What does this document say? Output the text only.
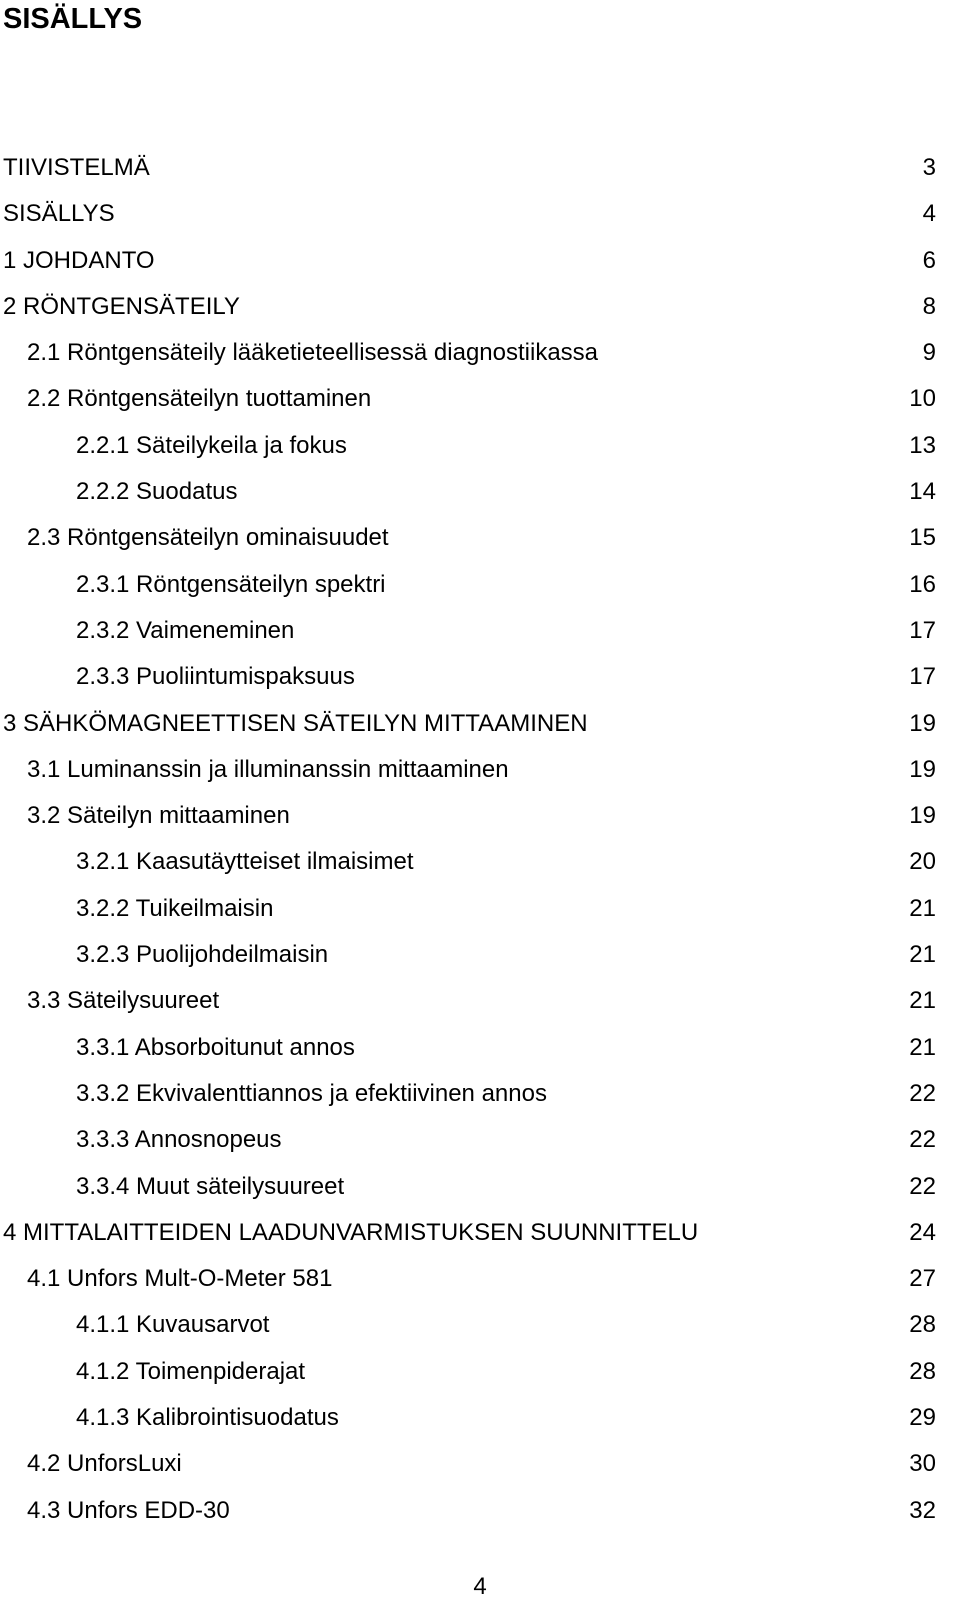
SISÄLLYS
TIIVISTELMÄ	3
SISÄLLYS	4
1 JOHDANTO	6
2 RÖNTGENSÄTEILY	8
2.1 Röntgensäteily lääketieteellisessä diagnostiikassa	9
2.2 Röntgensäteilyn tuottaminen	10
2.2.1 Säteilykeila ja fokus	13
2.2.2 Suodatus	14
2.3 Röntgensäteilyn ominaisuudet	15
2.3.1 Röntgensäteilyn spektri	16
2.3.2 Vaimeneminen	17
2.3.3 Puoliintumispaksuus	17
3 SÄHKÖMAGNEETTISEN SÄTEILYN MITTAAMINEN	19
3.1 Luminanssin ja illuminanssin mittaaminen	19
3.2 Säteilyn mittaaminen	19
3.2.1 Kaasutäytteiset ilmaisimet	20
3.2.2 Tuikeilmaisin	21
3.2.3 Puolijohdeilmaisin	21
3.3 Säteilysuureet	21
3.3.1 Absorboitunut annos	21
3.3.2 Ekvivalenttiannos ja efektiivinen annos	22
3.3.3 Annosnopeus	22
3.3.4 Muut säteilysuureet	22
4 MITTALAITTEIDEN LAADUNVARMISTUKSEN SUUNNITTELU	24
4.1 Unfors Mult-O-Meter 581	27
4.1.1 Kuvausarvot	28
4.1.2 Toimenpiderajat	28
4.1.3 Kalibrointisuodatus	29
4.2 UnforsLuxi	30
4.3 Unfors EDD-30	32
4
